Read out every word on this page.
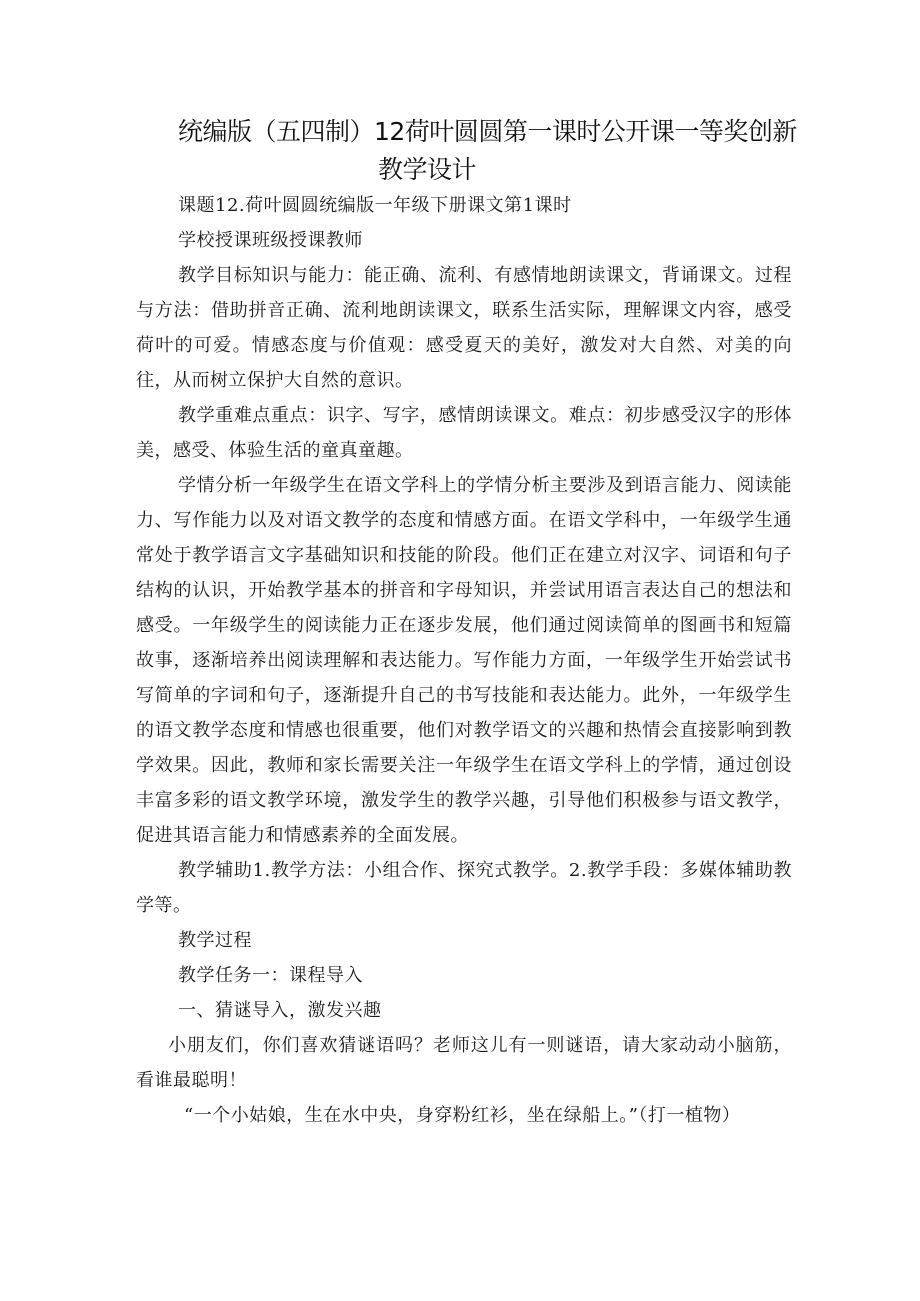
统编版（五四制）12荷叶圆圆第一课时公开课一等奖创新
教学设计

课题12.荷叶圆圆统编版一年级下册课文第1课时

学校授课班级授课教师

教学目标知识与能力：能正确、流利、有感情地朗读课文，背诵课文。过程与方法：借助拼音正确、流利地朗读课文，联系生活实际，理解课文内容，感受荷叶的可爱。情感态度与价值观：感受夏天的美好，激发对大自然、对美的向往，从而树立保护大自然的意识。

教学重难点重点：识字、写字，感情朗读课文。难点：初步感受汉字的形体美，感受、体验生活的童真童趣。

学情分析一年级学生在语文学科上的学情分析主要涉及到语言能力、阅读能力、写作能力以及对语文教学的态度和情感方面。在语文学科中，一年级学生通常处于教学语言文字基础知识和技能的阶段。他们正在建立对汉字、词语和句子结构的认识，开始教学基本的拼音和字母知识，并尝试用语言表达自己的想法和感受。一年级学生的阅读能力正在逐步发展，他们通过阅读简单的图画书和短篇故事，逐渐培养出阅读理解和表达能力。写作能力方面，一年级学生开始尝试书写简单的字词和句子，逐渐提升自己的书写技能和表达能力。此外，一年级学生的语文教学态度和情感也很重要，他们对教学语文的兴趣和热情会直接影响到教学效果。因此，教师和家长需要关注一年级学生在语文学科上的学情，通过创设丰富多彩的语文教学环境，激发学生的教学兴趣，引导他们积极参与语文教学，促进其语言能力和情感素养的全面发展。

教学辅助1.教学方法：小组合作、探究式教学。2.教学手段：多媒体辅助教学等。

教学过程

教学任务一：课程导入

一、猜谜导入，激发兴趣

小朋友们，你们喜欢猜谜语吗？老师这儿有一则谜语，请大家动动小脑筋，看谁最聪明！

“一个小姑娘，生在水中央，身穿粉红衫，坐在绿船上。”（打一植物）
